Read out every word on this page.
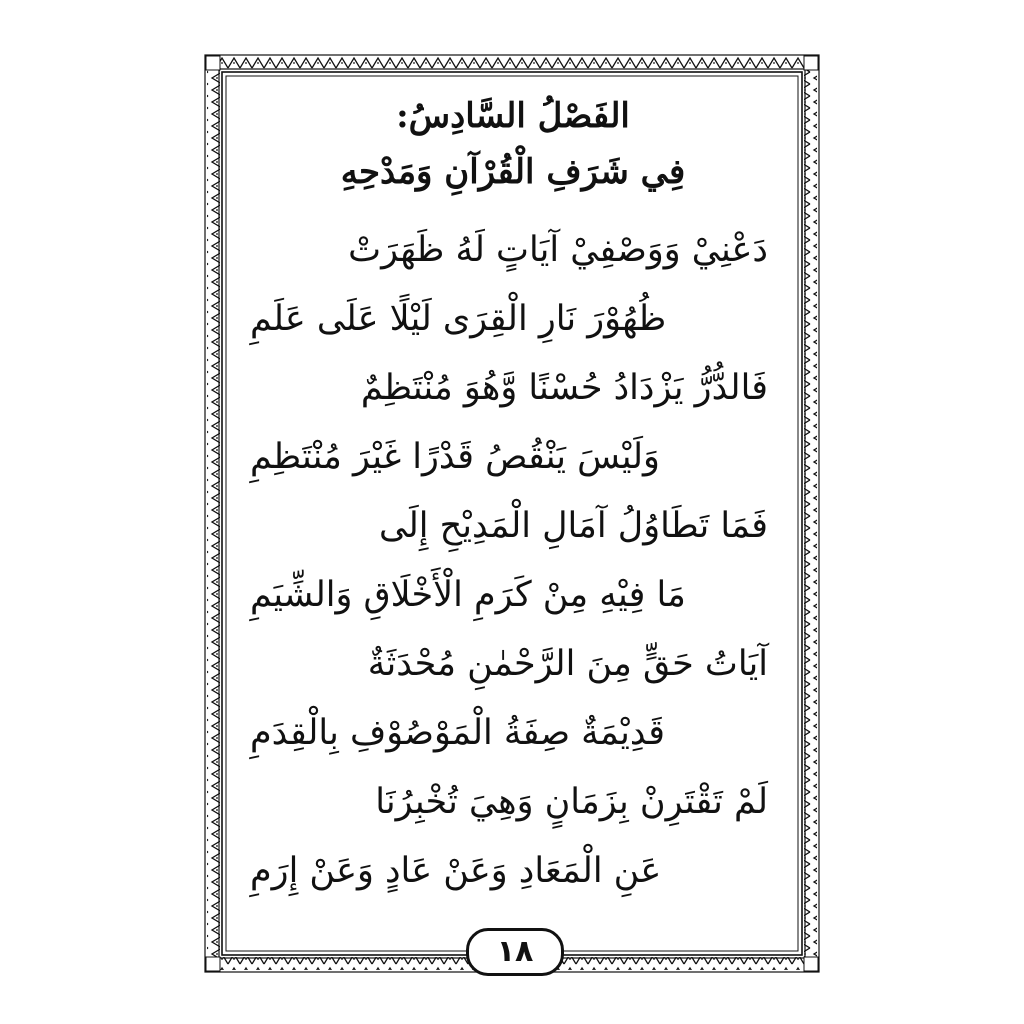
الفَصْلُ السَّادِسُ:

فِي شَرَفِ الْقُرْآنِ وَمَدْحِهِ

دَعْنِيْ وَوَصْفِيْ آيَاتٍ لَهُ ظَهَرَتْ
ظُهُوْرَ نَارِ الْقِرَى لَيْلًا عَلَى عَلَمِ
فَالدُّرُّ يَزْدَادُ حُسْنًا وَّهُوَ مُنْتَظِمٌ
وَلَيْسَ يَنْقُصُ قَدْرًا غَيْرَ مُنْتَظِمِ
فَمَا تَطَاوُلُ آمَالِ الْمَدِيْحِ إِلَى
مَا فِيْهِ مِنْ كَرَمِ الْأَخْلَاقِ وَالشِّيَمِ
آيَاتُ حَقٍّ مِنَ الرَّحْمٰنِ مُحْدَثَةٌ
قَدِيْمَةٌ صِفَةُ الْمَوْصُوْفِ بِالْقِدَمِ
لَمْ تَقْتَرِنْ بِزَمَانٍ وَهِيَ تُخْبِرُنَا
عَنِ الْمَعَادِ وَعَنْ عَادٍ وَعَنْ إِرَمِ
١٨
